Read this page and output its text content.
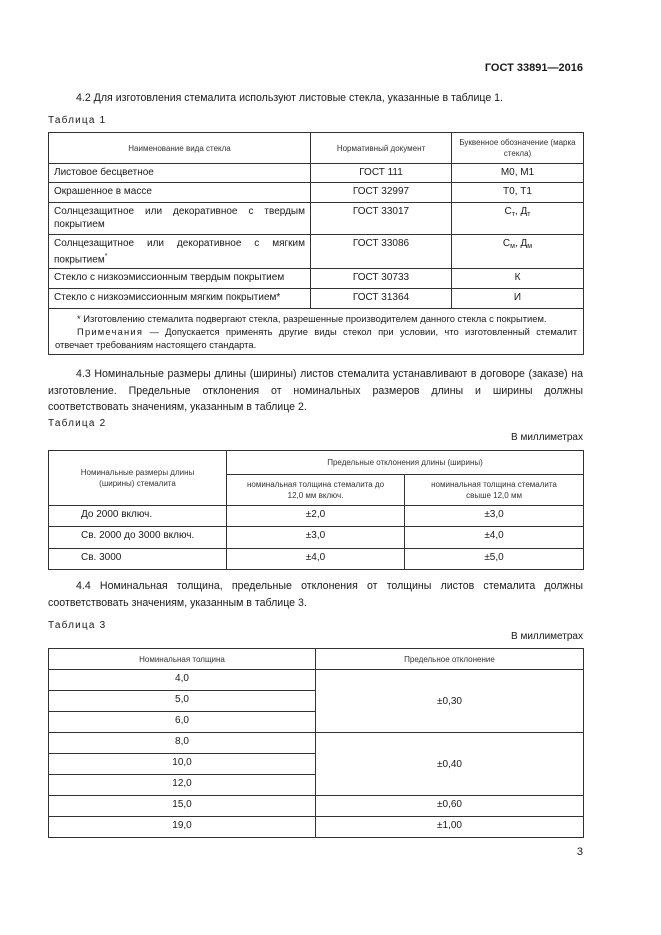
ГОСТ 33891—2016
4.2 Для изготовления стемалита используют листовые стекла, указанные в таблице 1.
Таблица 1
Наименование вида стекла	Нормативный документ	Буквенное обозначение (марка стекла)
Листовое бесцветное	ГОСТ 111	М0, М1
Окрашенное в массе	ГОСТ 32997	Т0, Т1
Солнцезащитное или декоративное с твердым покрытием	ГОСТ 33017	$С_т$, $Д_т$
Солнцезащитное или декоративное с мягким покрытием*	ГОСТ 33086	$С_м$, $Д_м$
Стекло с низкоэмиссионным твердым покрытием	ГОСТ 30733	К
Стекло с низкоэмиссионным мягким покрытием*	ГОСТ 31364	И

* Изготовлению стемалита подвергают стекла, разрешенные производителем данного стекла с покрытием.
Примечания — Допускается применять другие виды стекол при условии, что изготовленный стемалит отвечает требованиям настоящего стандарта.		
4.3 Номинальные размеры длины (ширины) листов стемалита устанавливают в договоре (заказе) на изготовление. Предельные отклонения от номинальных размеров длины и ширины должны соответствовать значениям, указанным в таблице 2.
Таблица 2
В миллиметрах
Номинальные размеры длины (ширины) стемалита	Предельные отклонения длины (ширины)	
	номинальная толщина стемалита до 12,0 мм включ.	номинальная толщина стемалита свыше 12,0 мм
До 2000 включ.	±2,0	±3,0
Св. 2000 до 3000 включ.	±3,0	±4,0
Св. 3000	±4,0	±5,0
4.4 Номинальная толщина, предельные отклонения от толщины листов стемалита должны соответствовать значениям, указанным в таблице 3.
Таблица 3
В миллиметрах
Номинальная толщина	Предельное отклонение
4,0	±0,30
5,0	
6,0	
8,0	±0,40
10,0	
12,0	
15,0	±0,60
19,0	±1,00
3
